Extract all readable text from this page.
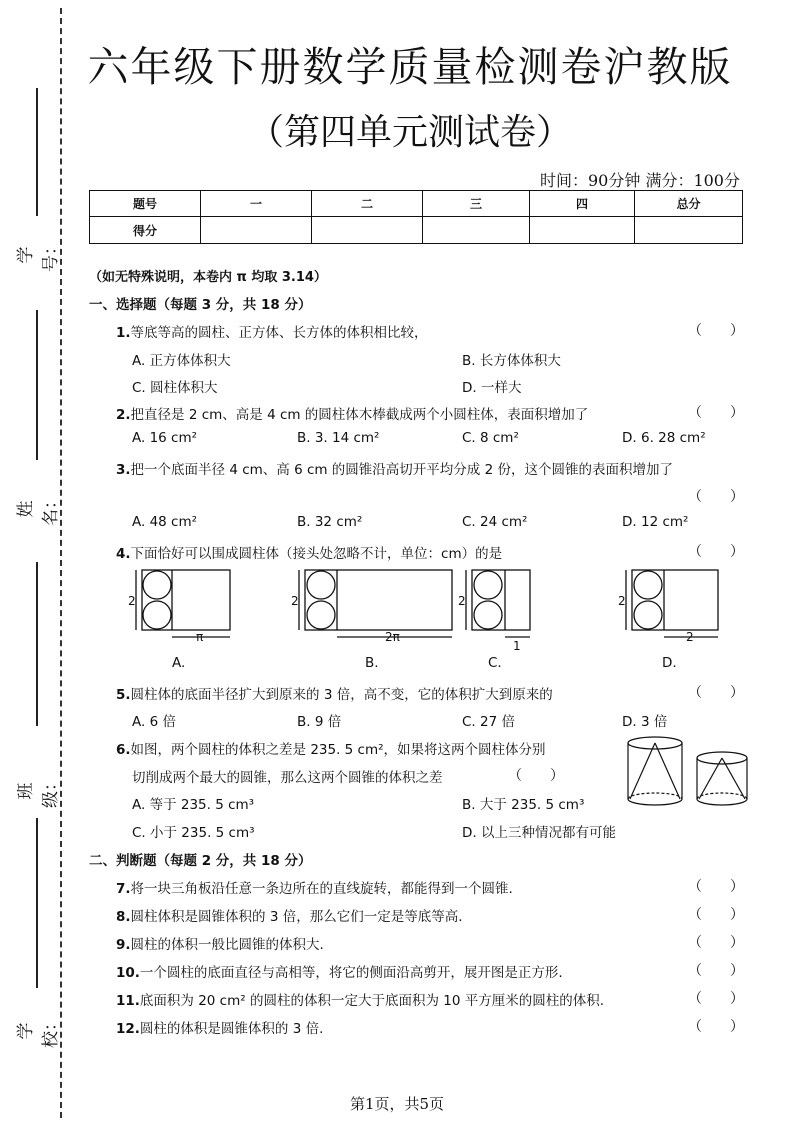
学号：
姓名：
班级：
学校：
六年级下册数学质量检测卷沪教版
（第四单元测试卷）
时间：90分钟 满分：100分
题号	一	二	三	四	总分
得分					
（如无特殊说明，本卷内 π 均取 3.14）
一、选择题（每题 3 分，共 18 分）
1.等底等高的圆柱、正方体、长方体的体积相比较，	（　　）
A. 正方体体积大	B. 长方体体积大
C. 圆柱体积大	D. 一样大
2.把直径是 2 cm、高是 4 cm 的圆柱体木棒截成两个小圆柱体，表面积增加了	（　　）
A. 16 cm²	B. 3. 14 cm²	C. 8 cm²	D. 6. 28 cm²
3.把一个底面半径 4 cm、高 6 cm 的圆锥沿高切开平均分成 2 份，这个圆锥的表面积增加了
（　　）
A. 48 cm²	B. 32 cm²	C. 24 cm²	D. 12 cm²
4.下面恰好可以围成圆柱体（接头处忽略不计，单位：cm）的是	（　　）
2
π
2
2π
2
1
2
2
A.	B.	C.	D.
5.圆柱体的底面半径扩大到原来的 3 倍，高不变，它的体积扩大到原来的	（　　）
A. 6 倍	B. 9 倍	C. 27 倍	D. 3 倍
6.如图，两个圆柱的体积之差是 235. 5 cm²，如果将这两个圆柱体分别
切削成两个最大的圆锥，那么这两个圆锥的体积之差	（　　）
A. 等于 235. 5 cm³	B. 大于 235. 5 cm³
C. 小于 235. 5 cm³	D. 以上三种情况都有可能
二、判断题（每题 2 分，共 18 分）
7.将一块三角板沿任意一条边所在的直线旋转，都能得到一个圆锥.	（　　）
8.圆柱体积是圆锥体积的 3 倍，那么它们一定是等底等高.	（　　）
9.圆柱的体积一般比圆锥的体积大.	（　　）
10.一个圆柱的底面直径与高相等，将它的侧面沿高剪开，展开图是正方形.	（　　）
11.底面积为 20 cm² 的圆柱的体积一定大于底面积为 10 平方厘米的圆柱的体积.	（　　）
12.圆柱的体积是圆锥体积的 3 倍.	（　　）
第1页，共5页
